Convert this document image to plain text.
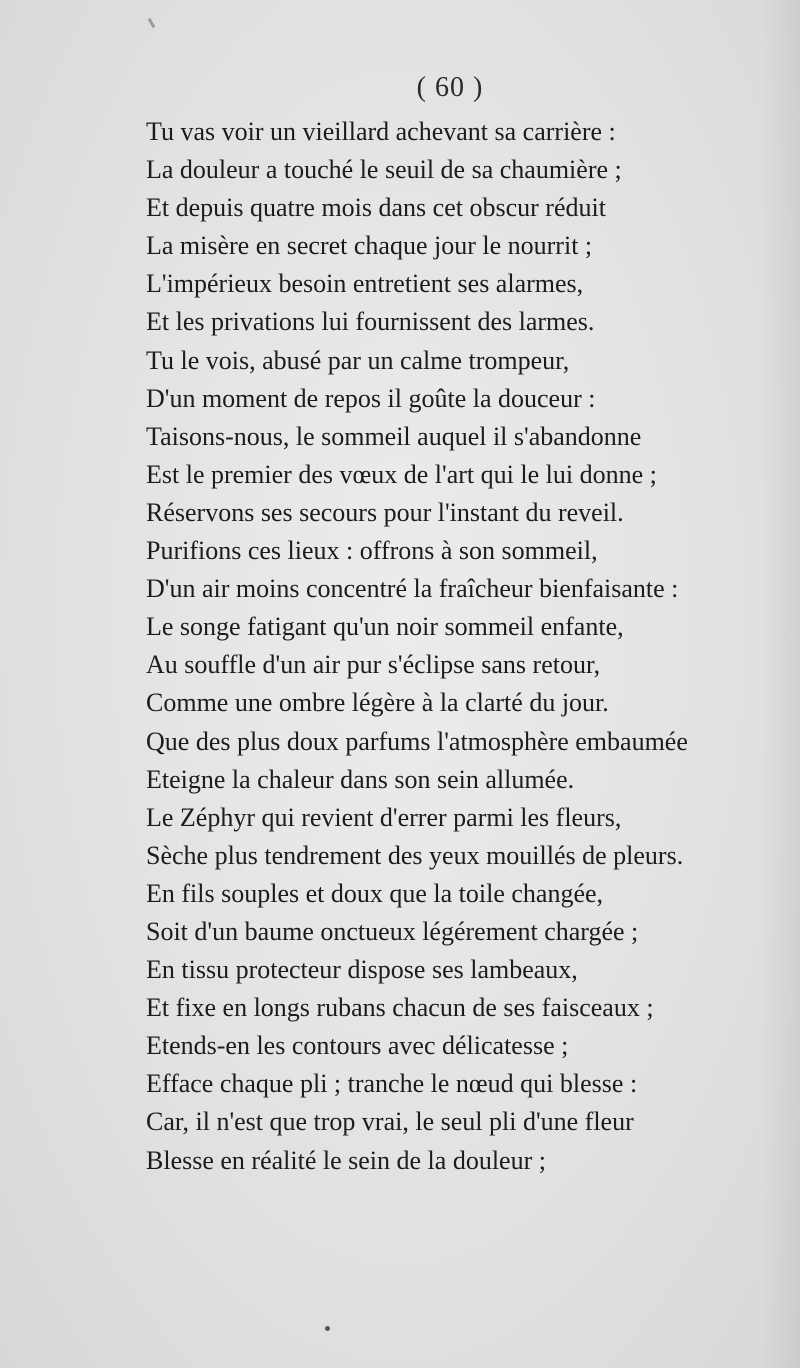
( 60 )
Tu vas voir un vieillard achevant sa carrière :
La douleur a touché le seuil de sa chaumière ;
Et depuis quatre mois dans cet obscur réduit
La misère en secret chaque jour le nourrit ;
L'impérieux besoin entretient ses alarmes,
Et les privations lui fournissent des larmes.
Tu le vois, abusé par un calme trompeur,
D'un moment de repos il goûte la douceur :
Taisons-nous, le sommeil auquel il s'abandonne
Est le premier des vœux de l'art qui le lui donne ;
Réservons ses secours pour l'instant du reveil.
Purifions ces lieux : offrons à son sommeil,
D'un air moins concentré la fraîcheur bienfaisante :
Le songe fatigant qu'un noir sommeil enfante,
Au souffle d'un air pur s'éclipse sans retour,
Comme une ombre légère à la clarté du jour.
Que des plus doux parfums l'atmosphère embaumée
Eteigne la chaleur dans son sein allumée.
Le Zéphyr qui revient d'errer parmi les fleurs,
Sèche plus tendrement des yeux mouillés de pleurs.
En fils souples et doux que la toile changée,
Soit d'un baume onctueux légérement chargée ;
En tissu protecteur dispose ses lambeaux,
Et fixe en longs rubans chacun de ses faisceaux ;
Etends-en les contours avec délicatesse ;
Efface chaque pli ; tranche le nœud qui blesse :
Car, il n'est que trop vrai, le seul pli d'une fleur
Blesse en réalité le sein de la douleur ;
